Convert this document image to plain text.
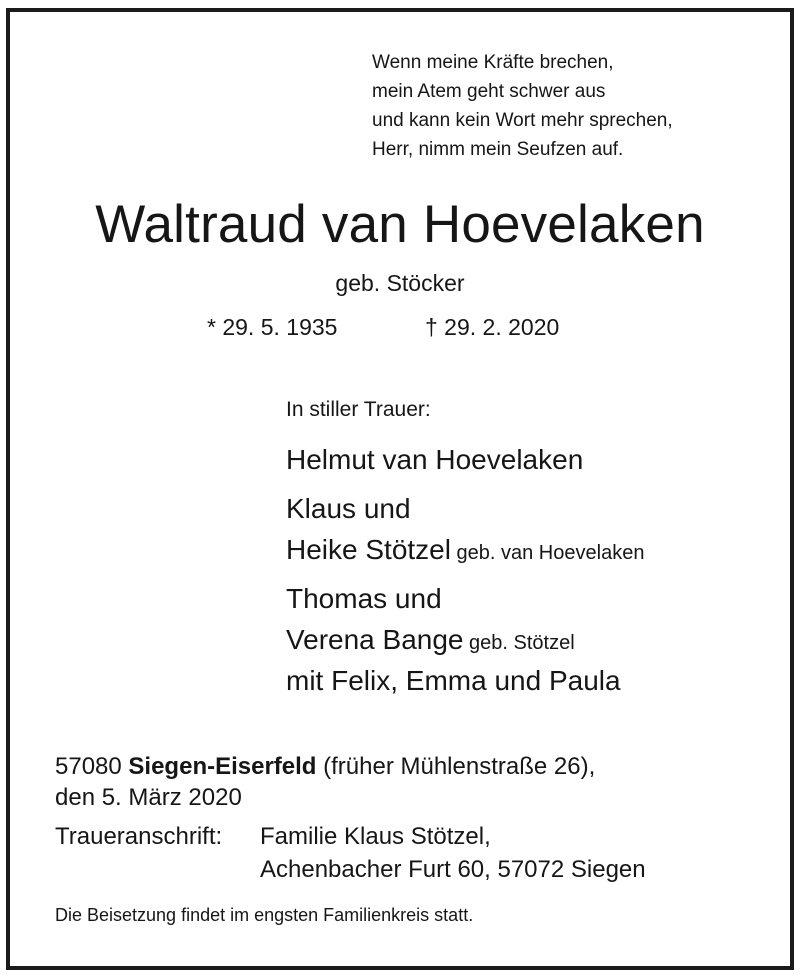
Wenn meine Kräfte brechen,
mein Atem geht schwer aus
und kann kein Wort mehr sprechen,
Herr, nimm mein Seufzen auf.
Waltraud van Hoevelaken
geb. Stöcker
* 29. 5. 1935	† 29. 2. 2020
In stiller Trauer:
Helmut van Hoevelaken
Klaus und
Heike Stötzel geb. van Hoevelaken
Thomas und
Verena Bange geb. Stötzel
mit Felix, Emma und Paula
57080 Siegen-Eiserfeld (früher Mühlenstraße 26),
den 5. März 2020
Traueranschrift: Familie Klaus Stötzel,
Achenbacher Furt 60, 57072 Siegen
Die Beisetzung findet im engsten Familienkreis statt.
